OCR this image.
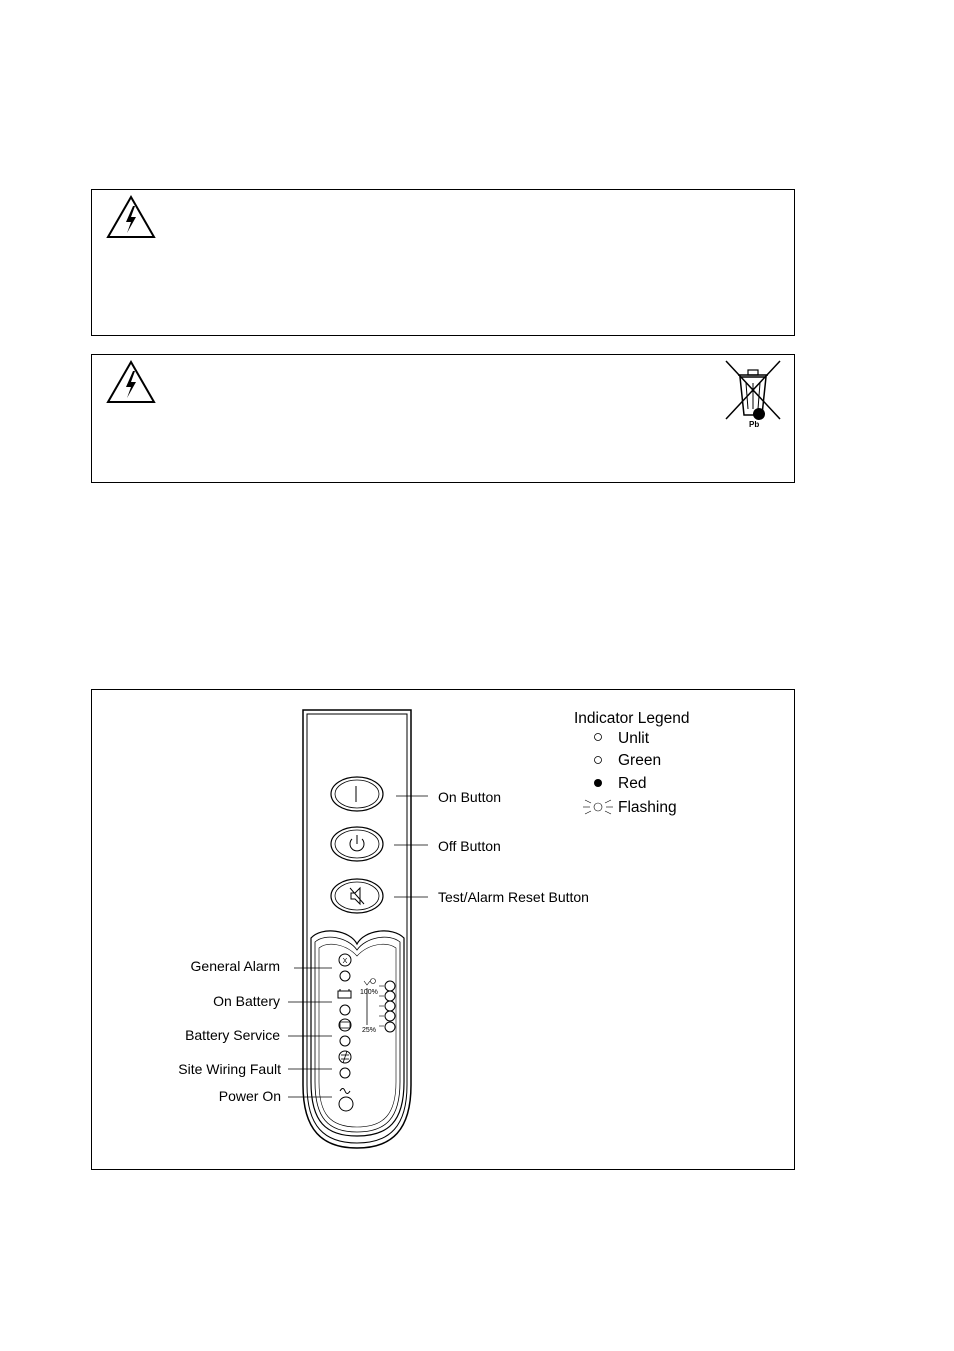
Pb
X
100%
25%
On Button
Off Button
Test/Alarm Reset Button
General Alarm
On Battery
Battery Service
Site Wiring Fault
Power On
Indicator Legend
Unlit
Green
Red
Flashing
